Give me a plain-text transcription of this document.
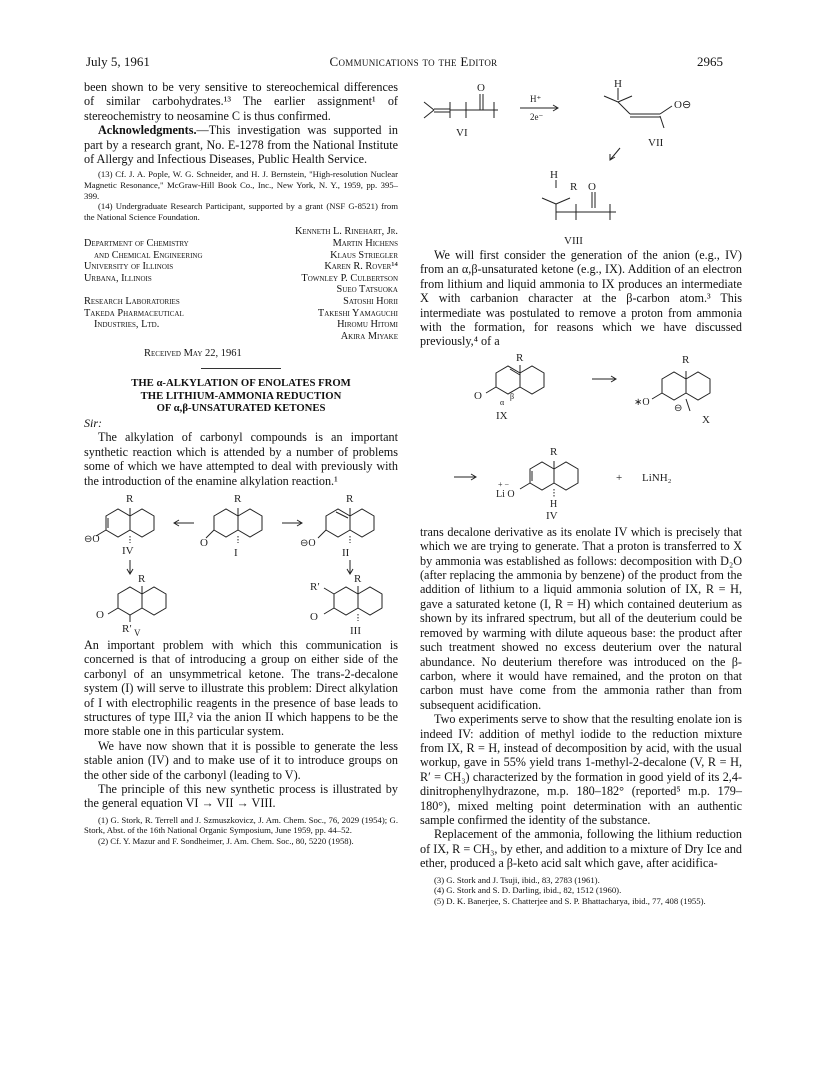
July 5, 1961	Communications to the Editor	2965

been shown to be very sensitive to stereochemical differences of similar carbohydrates.¹³ The earlier assignment¹ of stereochemistry to neosamine C is thus confirmed.

Acknowledgments.—This investigation was supported in part by a research grant, No. E-1278 from the National Institute of Allergy and Infectious Diseases, Public Health Service.

(13) Cf. J. A. Pople, W. G. Schneider, and H. J. Bernstein, "High-resolution Nuclear Magnetic Resonance," McGraw-Hill Book Co., Inc., New York, N. Y., 1959, pp. 395–399.

(14) Undergraduate Research Participant, supported by a grant (NSF G-8521) from the National Science Foundation.

Kenneth L. Rinehart, Jr.
Department of Chemistry	Martin Hichens
and Chemical Engineering	Klaus Striegler
University of Illinois	Karen R. Rover¹⁴
Urbana, Illinois	Townley P. Culbertson
Sueo Tatsuoka
Research Laboratories	Satoshi Horii
Takeda Pharmaceutical	Takeshi Yamaguchi
Industries, Ltd.	Hiromu Hitomi
Akira Miyake

Received May 22, 1961

THE α-ALKYLATION OF ENOLATES FROM
THE LITHIUM-AMMONIA REDUCTION
OF α,β-UNSATURATED KETONES

Sir:

The alkylation of carbonyl compounds is an important synthetic reaction which is attended by a number of problems some of which we have attempted to deal with previously with the introduction of the enamine alkylation reaction.¹

R
⊖O
IV
R
O
I
R
⊖O
II
R
O
R′ V
R
R′
O
III

An important problem with which this communication is concerned is that of introducing a group on either side of the carbonyl of an unsymmetrical ketone. The trans-2-decalone system (I) will serve to illustrate this problem: Direct alkylation of I with electrophilic reagents in the presence of base leads to structures of type III,² via the anion II which happens to be the more stable one in this particular system.

We have now shown that it is possible to generate the less stable anion (IV) and to make use of it to introduce groups on the other side of the carbonyl (leading to V).

The principle of this new synthetic process is illustrated by the general equation VI → VII → VIII.

(1) G. Stork, R. Terrell and J. Szmuszkovicz, J. Am. Chem. Soc., 76, 2029 (1954); G. Stork, Abst. of the 16th National Organic Symposium, June 1959, pp. 44–52.

(2) Cf. Y. Mazur and F. Sondheimer, J. Am. Chem. Soc., 80, 5220 (1958).

O
VI
H⁺
2e⁻
H
O⊖
VII
H
R O
VIII

We will first consider the generation of the anion (e.g., IV) from an α,β-unsaturated ketone (e.g., IX). Addition of an electron from lithium and liquid ammonia to IX produces an intermediate X with carbanion character at the β-carbon atom.³ This intermediate was postulated to remove a proton from ammonia with the formation, for reasons which we have discussed previously,⁴ of a

R
O	β
α
IX
R
∗O
⊖
X
R
+ −
Li O
H
IV
+ LiNH₂

trans decalone derivative as its enolate IV which is precisely that which we are trying to generate. That a proton is transferred to X by ammonia was established as follows: decomposition with D₂O (after replacing the ammonia by benzene) of the product from the addition of lithium to a liquid ammonia solution of IX, R = H, gave a saturated ketone (I, R = H) which contained deuterium as shown by its infrared spectrum, but all of the deuterium could be removed by warming with dilute aqueous base: the product after such treatment showed no excess deuterium over the natural abundance. No deuterium therefore was introduced on the β-carbon, where it would have remained, and the proton on that carbon must have come from the ammonia rather than from subsequent acidification.

Two experiments serve to show that the resulting enolate ion is indeed IV: addition of methyl iodide to the reduction mixture from IX, R = H, instead of decomposition by acid, with the usual workup, gave in 55% yield trans 1-methyl-2-decalone (V, R = H, R′ = CH₃) characterized by the formation in good yield of its 2,4-dinitrophenylhydrazone, m.p. 180–182° (reported⁵ m.p. 179–180°), mixed melting point determination with an authentic sample confirmed the identity of the substance.

Replacement of the ammonia, following the lithium reduction of IX, R = CH₃, by ether, and addition to a mixture of Dry Ice and ether, produced a β-keto acid salt which gave, after acidifica-

(3) G. Stork and J. Tsuji, ibid., 83, 2783 (1961).

(4) G. Stork and S. D. Darling, ibid., 82, 1512 (1960).

(5) D. K. Banerjee, S. Chatterjee and S. P. Bhattacharya, ibid., 77, 408 (1955).
